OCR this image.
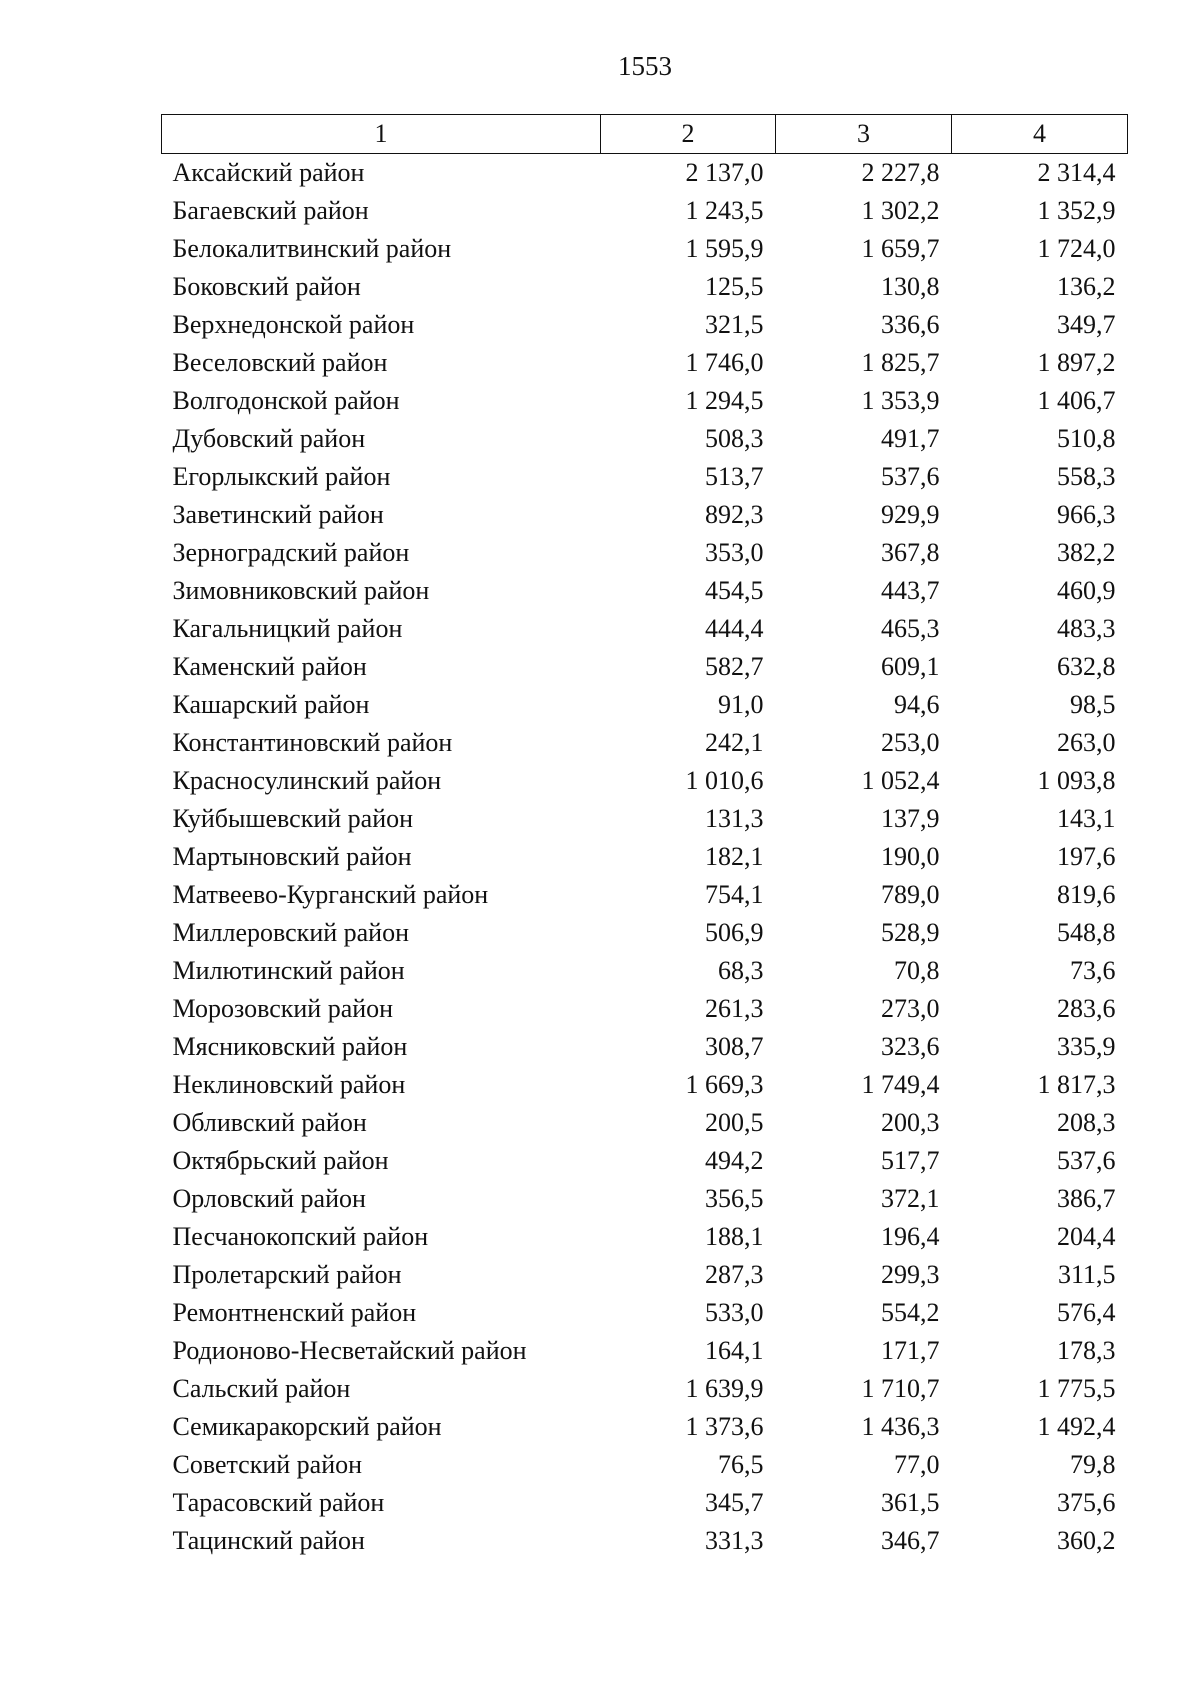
1553
1	2	3	4
Аксайский район	2 137,0	2 227,8	2 314,4
Багаевский район	1 243,5	1 302,2	1 352,9
Белокалитвинский район	1 595,9	1 659,7	1 724,0
Боковский район	125,5	130,8	136,2
Верхнедонской район	321,5	336,6	349,7
Веселовский район	1 746,0	1 825,7	1 897,2
Волгодонской район	1 294,5	1 353,9	1 406,7
Дубовский район	508,3	491,7	510,8
Егорлыкский район	513,7	537,6	558,3
Заветинский район	892,3	929,9	966,3
Зерноградский район	353,0	367,8	382,2
Зимовниковский район	454,5	443,7	460,9
Кагальницкий район	444,4	465,3	483,3
Каменский район	582,7	609,1	632,8
Кашарский район	91,0	94,6	98,5
Константиновский район	242,1	253,0	263,0
Красносулинский район	1 010,6	1 052,4	1 093,8
Куйбышевский район	131,3	137,9	143,1
Мартыновский район	182,1	190,0	197,6
Матвеево-Курганский район	754,1	789,0	819,6
Миллеровский район	506,9	528,9	548,8
Милютинский район	68,3	70,8	73,6
Морозовский район	261,3	273,0	283,6
Мясниковский район	308,7	323,6	335,9
Неклиновский район	1 669,3	1 749,4	1 817,3
Обливский район	200,5	200,3	208,3
Октябрьский район	494,2	517,7	537,6
Орловский район	356,5	372,1	386,7
Песчанокопский район	188,1	196,4	204,4
Пролетарский район	287,3	299,3	311,5
Ремонтненский район	533,0	554,2	576,4
Родионово-Несветайский район	164,1	171,7	178,3
Сальский район	1 639,9	1 710,7	1 775,5
Семикаракорский район	1 373,6	1 436,3	1 492,4
Советский район	76,5	77,0	79,8
Тарасовский район	345,7	361,5	375,6
Тацинский район	331,3	346,7	360,2
